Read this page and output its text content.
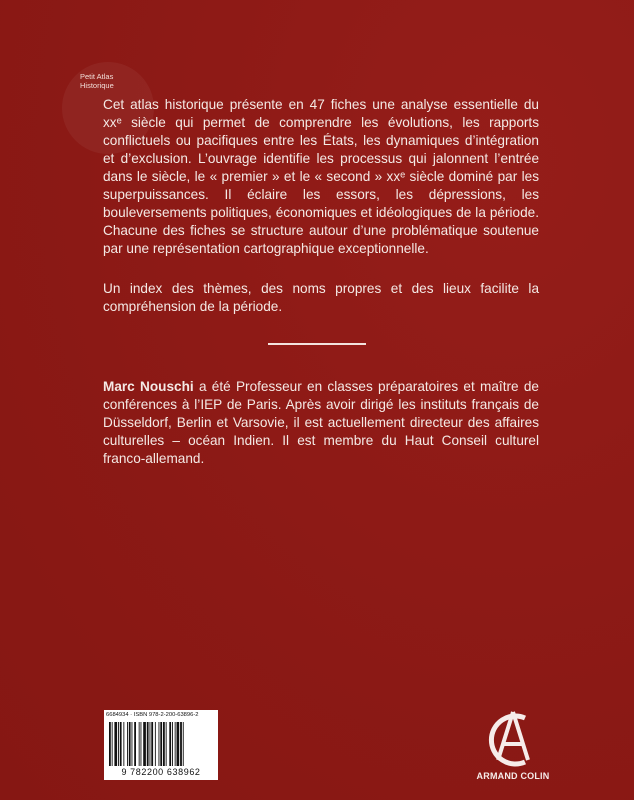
Petit Atlas
Historique
Cet atlas historique présente en 47 fiches une analyse essentielle du xxᵉ siècle qui permet de comprendre les évolutions, les rapports conflictuels ou pacifiques entre les États, les dynamiques d’intégration et d’exclusion. L’ouvrage identifie les processus qui jalonnent l’entrée dans le siècle, le « premier » et le « second » xxᵉ siècle dominé par les superpuissances. Il éclaire les essors, les dépressions, les bouleversements politiques, économiques et idéologiques de la période. Chacune des fiches se structure autour d’une problématique soutenue par une représentation cartographique exceptionnelle.
Un index des thèmes, des noms propres et des lieux facilite la compréhension de la période.
Marc Nouschi a été Professeur en classes préparatoires et maître de conférences à l’IEP de Paris. Après avoir dirigé les instituts français de Düsseldorf, Berlin et Varsovie, il est actuellement directeur des affaires culturelles – océan Indien. Il est membre du Haut Conseil culturel franco-allemand.
6684934 · ISBN 978-2-200-63896-2
9 782200 638962	ARMAND COLIN
